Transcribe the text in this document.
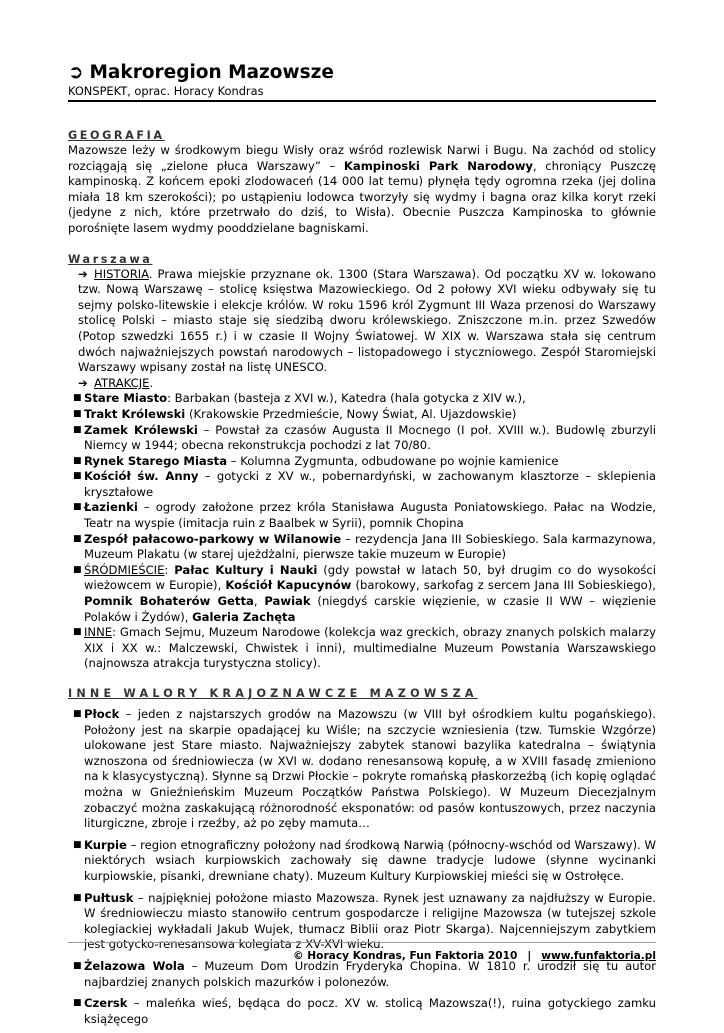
➲ Makroregion Mazowsze
KONSPEKT, oprac. Horacy Kondras
GEOGRAFIA

Mazowsze leży w środkowym biegu Wisły oraz wśród rozlewisk Narwi i Bugu. Na zachód od stolicy rozciągają się „zielone płuca Warszawy” – Kampinoski Park Narodowy, chroniący Puszczę kampinoską. Z końcem epoki zlodowaceń (14 000 lat temu) płynęła tędy ogromna rzeka (jej dolina miała 18 km szerokości); po ustąpieniu lodowca tworzyły się wydmy i bagna oraz kilka koryt rzeki (jedyne z nich, które przetrwało do dziś, to Wisła). Obecnie Puszcza Kampinoska to głównie porośnięte lasem wydmy pooddzielane bagniskami.

Warszawa

➔ HISTORIA. Prawa miejskie przyznane ok. 1300 (Stara Warszawa). Od początku XV w. lokowano tzw. Nową Warszawę – stolicę księstwa Mazowieckiego. Od 2 połowy XVI wieku odbywały się tu sejmy polsko-litewskie i elekcje królów. W roku 1596 król Zygmunt III Waza przenosi do Warszawy stolicę Polski – miasto staje się siedzibą dworu królewskiego. Zniszczone m.in. przez Szwedów (Potop szwedzki 1655 r.) i w czasie II Wojny Światowej. W XIX w. Warszawa stała się centrum dwóch najważniejszych powstań narodowych – listopadowego i styczniowego. Zespół Staromiejski Warszawy wpisany został na listę UNESCO.

➔ ATRAKCJE.

■ Stare Miasto: Barbakan (basteja z XVI w.), Katedra (hala gotycka z XIV w.),
■ Trakt Królewski (Krakowskie Przedmieście, Nowy Świat, Al. Ujazdowskie)
■ Zamek Królewski – Powstał za czasów Augusta II Mocnego (I poł. XVIII w.). Budowlę zburzyli Niemcy w 1944; obecna rekonstrukcja pochodzi z lat 70/80.
■ Rynek Starego Miasta – Kolumna Zygmunta, odbudowane po wojnie kamienice
■ Kościół św. Anny – gotycki z XV w., pobernardyński, w zachowanym klasztorze – sklepienia kryształowe
■ Łazienki – ogrody założone przez króla Stanisława Augusta Poniatowskiego. Pałac na Wodzie, Teatr na wyspie (imitacja ruin z Baalbek w Syrii), pomnik Chopina
■ Zespół pałacowo-parkowy w Wilanowie – rezydencja Jana III Sobieskiego. Sala karmazynowa, Muzeum Plakatu (w starej ujeżdżalni, pierwsze takie muzeum w Europie)
■ ŚRÓDMIEŚCIE: Pałac Kultury i Nauki (gdy powstał w latach 50, był drugim co do wysokości wieżowcem w Europie), Kościół Kapucynów (barokowy, sarkofag z sercem Jana III Sobieskiego), Pomnik Bohaterów Getta, Pawiak (niegdyś carskie więzienie, w czasie II WW – więzienie Polaków i Żydów), Galeria Zachęta
■ INNE: Gmach Sejmu, Muzeum Narodowe (kolekcja waz greckich, obrazy znanych polskich malarzy XIX i XX w.: Malczewski, Chwistek i inni), multimedialne Muzeum Powstania Warszawskiego (najnowsza atrakcja turystyczna stolicy).
INNE WALORY KRAJOZNAWCZE MAZOWSZA
■ Płock – jeden z najstarszych grodów na Mazowszu (w VIII był ośrodkiem kultu pogańskiego). Położony jest na skarpie opadającej ku Wiśle; na szczycie wzniesienia (tzw. Tumskie Wzgórze) ulokowane jest Stare miasto. Najważniejszy zabytek stanowi bazylika katedralna – świątynia wznoszona od średniowiecza (w XVI w. dodano renesansową kopułę, a w XVIII fasadę zmieniono na k klasycystyczną). Słynne są Drzwi Płockie – pokryte romańską płaskorzeźbą (ich kopię oglądać można w Gnieźnieńskim Muzeum Początków Państwa Polskiego). W Muzeum Diecezjalnym zobaczyć można zaskakującą różnorodność eksponatów: od pasów kontuszowych, przez naczynia liturgiczne, zbroje i rzeźby, aż po zęby mamuta…
■ Kurpie – region etnograficzny położony nad środkową Narwią (północny-wschód od Warszawy). W niektórych wsiach kurpiowskich zachowały się dawne tradycje ludowe (słynne wycinanki kurpiowskie, pisanki, drewniane chaty). Muzeum Kultury Kurpiowskiej mieści się w Ostrołęce.
■ Pułtusk – najpiękniej położone miasto Mazowsza. Rynek jest uznawany za najdłuższy w Europie. W średniowieczu miasto stanowiło centrum gospodarcze i religijne Mazowsza (w tutejszej szkole kolegiackiej wykładali Jakub Wujek, tłumacz Biblii oraz Piotr Skarga). Najcenniejszym zabytkiem jest gotycko-renesansowa kolegiata z XV-XVI wieku.
■ Żelazowa Wola – Muzeum Dom Urodzin Fryderyka Chopina. W 1810 r. urodził się tu autor najbardziej znanych polskich mazurków i polonezów.
■ Czersk – maleńka wieś, będąca do pocz. XV w. stolicą Mazowsza(!), ruina gotyckiego zamku książęcego
© Horacy Kondras, Fun Faktoria 2010 | www.funfaktoria.pl
